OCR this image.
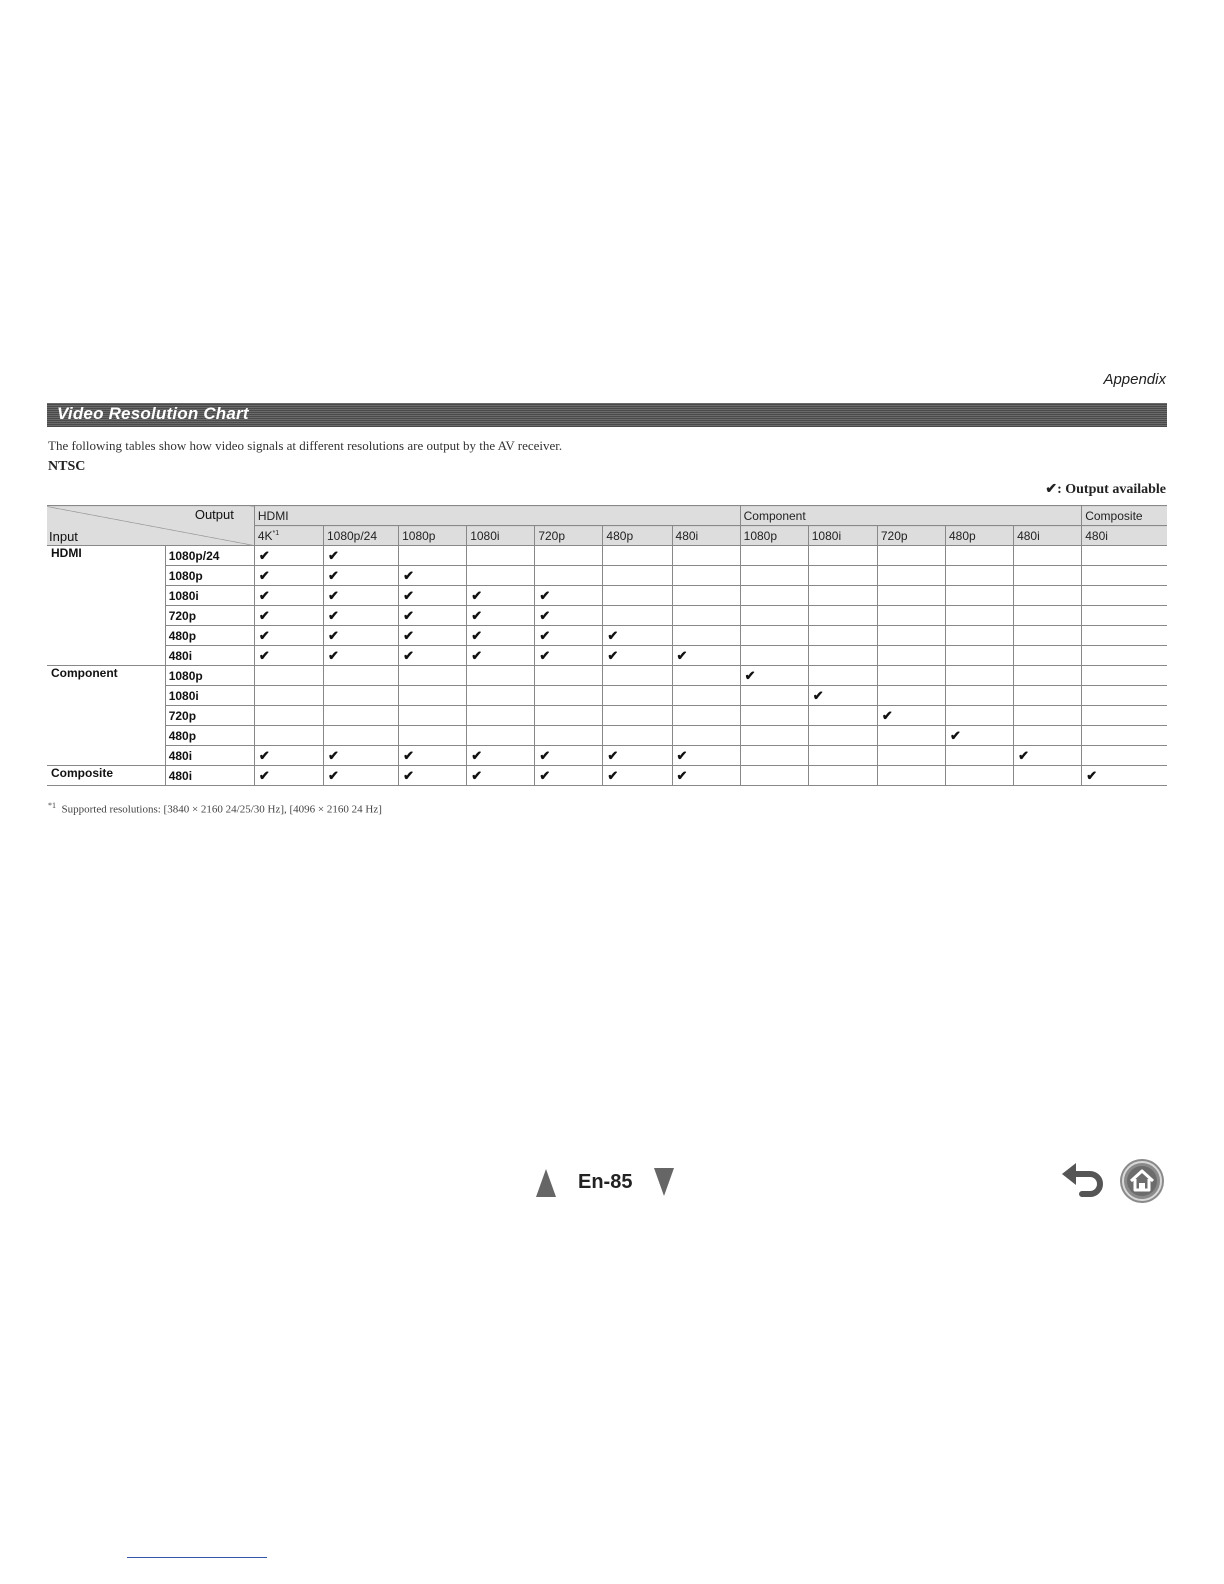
Appendix
Video Resolution Chart
The following tables show how video signals at different resolutions are output by the AV receiver.
NTSC
✔: Output available
Output
Input		HDMI							Component					Composite
		$4K^{*1}$	1080p/24	1080p	1080i	720p	480p	480i	1080p	1080i	720p	480p	480i	480i
HDMI	1080p/24	✔	✔											
	1080p	✔	✔	✔										
	1080i	✔	✔	✔	✔	✔								
	720p	✔	✔	✔	✔	✔								
	480p	✔	✔	✔	✔	✔	✔							
	480i	✔	✔	✔	✔	✔	✔	✔						
Component	1080p								✔					
	1080i									✔				
	720p										✔			
	480p											✔		
	480i	✔	✔	✔	✔	✔	✔	✔					✔	
Composite	480i	✔	✔	✔	✔	✔	✔	✔						✔
$^{*1}$ Supported resolutions: [3840 × 2160 24/25/30 Hz], [4096 × 2160 24 Hz]
En-85
